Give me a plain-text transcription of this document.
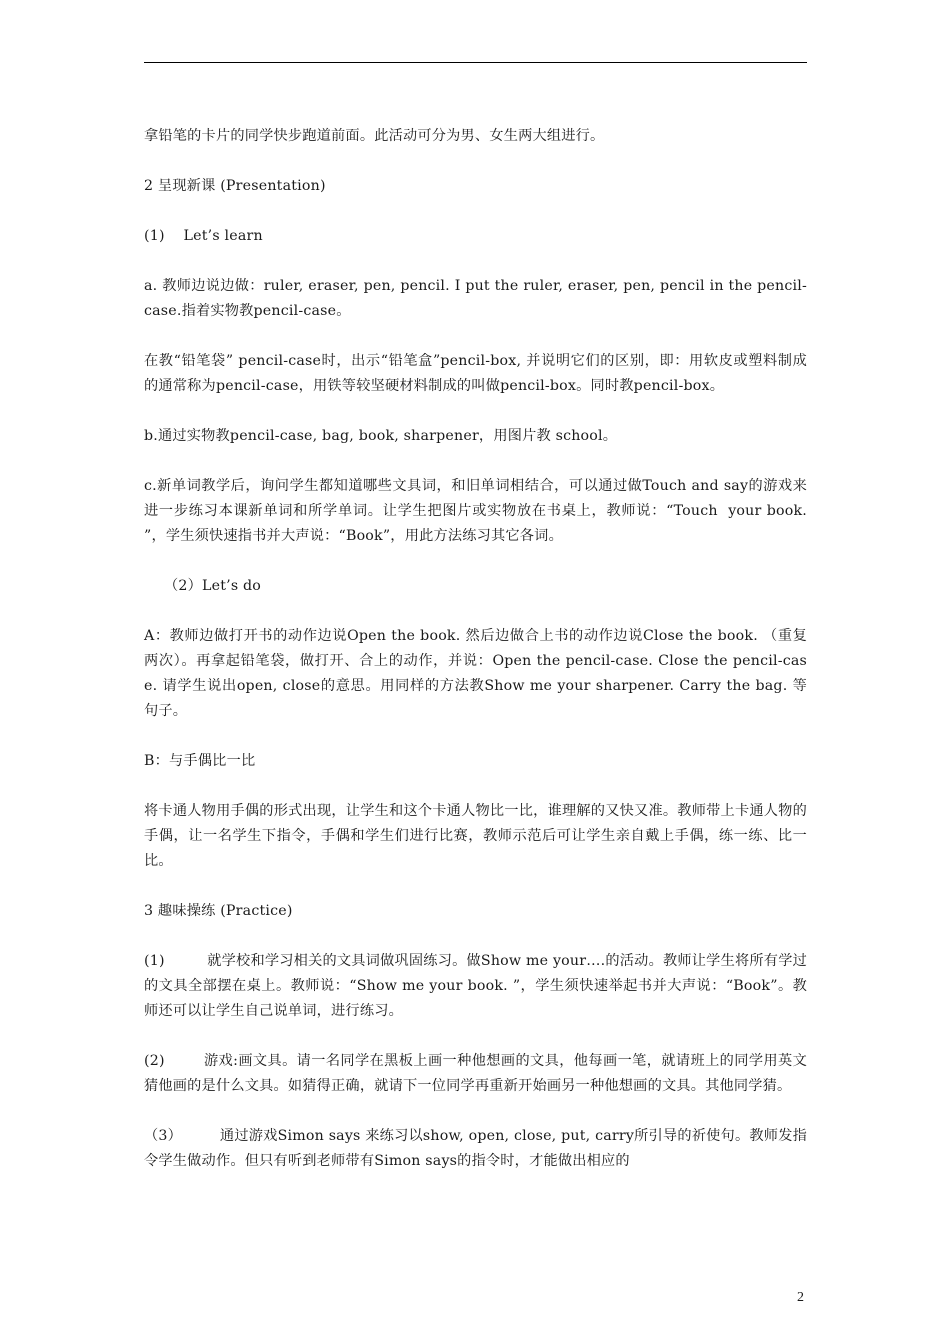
拿铅笔的卡片的同学快步跑道前面。此活动可分为男、女生两大组进行。

2 呈现新课 (Presentation)

(1)    Let’s learn

a. 教师边说边做：ruler, eraser, pen, pencil. I put the ruler, eraser, pen, pencil in the pencil-case.指着实物教pencil-case。

在教“铅笔袋” pencil-case时，出示“铅笔盒”pencil-box, 并说明它们的区别，即：用软皮或塑料制成的通常称为pencil-case，用铁等较坚硬材料制成的叫做pencil-box。同时教pencil-box。

b.通过实物教pencil-case, bag, book, sharpener，用图片教 school。

c.新单词教学后，询问学生都知道哪些文具词，和旧单词相结合，可以通过做Touch and say的游戏来进一步练习本课新单词和所学单词。让学生把图片或实物放在书桌上，教师说：“Touch  your book. ”，学生须快速指书并大声说：“Book”，用此方法练习其它各词。

（2）Let’s do

A：教师边做打开书的动作边说Open the book. 然后边做合上书的动作边说Close the book. （重复两次）。再拿起铅笔袋，做打开、合上的动作，并说：Open the pencil-case. Close the pencil-case. 请学生说出open, close的意思。用同样的方法教Show me your sharpener. Carry the bag. 等句子。

B：与手偶比一比

将卡通人物用手偶的形式出现，让学生和这个卡通人物比一比，谁理解的又快又准。教师带上卡通人物的手偶，让一名学生下指令，手偶和学生们进行比赛，教师示范后可让学生亲自戴上手偶，练一练、比一比。

3 趣味操练 (Practice)

(1)         就学校和学习相关的文具词做巩固练习。做Show me your….的活动。教师让学生将所有学过的文具全部摆在桌上。教师说：“Show me your book. ”，学生须快速举起书并大声说：“Book”。教师还可以让学生自己说单词，进行练习。

(2)        游戏:画文具。请一名同学在黑板上画一种他想画的文具，他每画一笔，就请班上的同学用英文猜他画的是什么文具。如猜得正确，就请下一位同学再重新开始画另一种他想画的文具。其他同学猜。

（3）        通过游戏Simon says 来练习以show, open, close, put, carry所引导的祈使句。教师发指令学生做动作。但只有听到老师带有Simon says的指令时，才能做出相应的

2
